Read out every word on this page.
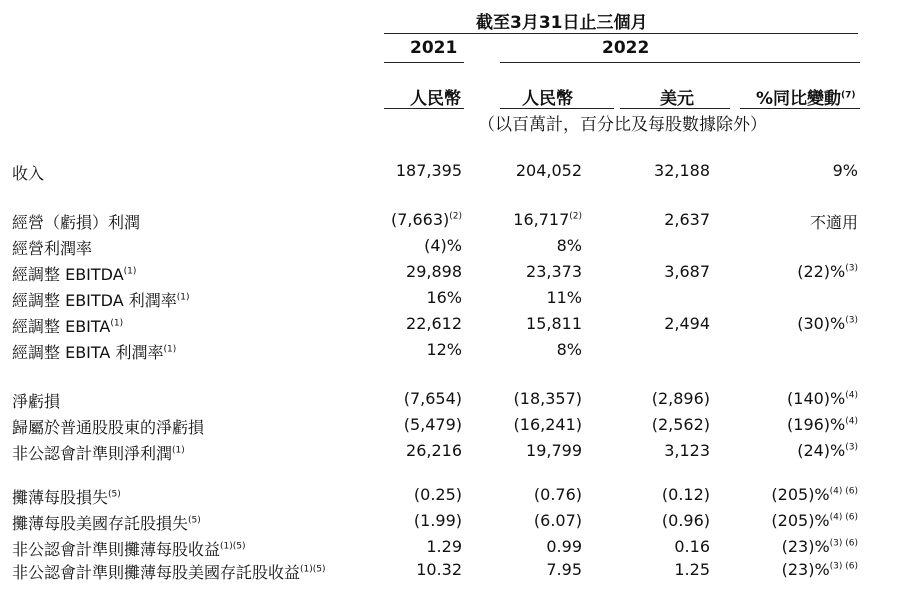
截至3月31日止三個月
2021	2022
人民幣	人民幣	美元	%同比變動$^{(7)}$
（以百萬計，百分比及每股數據除外）
收入	187,395	204,052	32,188	9%
經營（虧損）利潤	$(7,663)^{(2)}$	16,717$^{(2)}$	2,637	不適用
經營利潤率	(4)%	8%
經調整 EBITDA$^{(1)}$	29,898	23,373	3,687	(22)%$^{(3)}$
經調整 EBITDA 利潤率$^{(1)}$	16%	11%
經調整 EBITA$^{(1)}$	22,612	15,811	2,494	(30)%$^{(3)}$
經調整 EBITA 利潤率$^{(1)}$	12%	8%
淨虧損	(7,654)	(18,357)	(2,896)	(140)%$^{(4)}$
歸屬於普通股股東的淨虧損	(5,479)	(16,241)	(2,562)	(196)%$^{(4)}$
非公認會計準則淨利潤$^{(1)}$	26,216	19,799	3,123	(24)%$^{(3)}$
攤薄每股損失$^{(5)}$	(0.25)	(0.76)	(0.12)	(205)%$^{(4) (6)}$
攤薄每股美國存託股損失$^{(5)}$	(1.99)	(6.07)	(0.96)	(205)%$^{(4) (6)}$
非公認會計準則攤薄每股收益$^{(1)(5)}$	1.29	0.99	0.16	(23)%$^{(3) (6)}$
非公認會計準則攤薄每股美國存託股收益$^{(1)(5)}$	10.32	7.95	1.25	(23)%$^{(3) (6)}$
